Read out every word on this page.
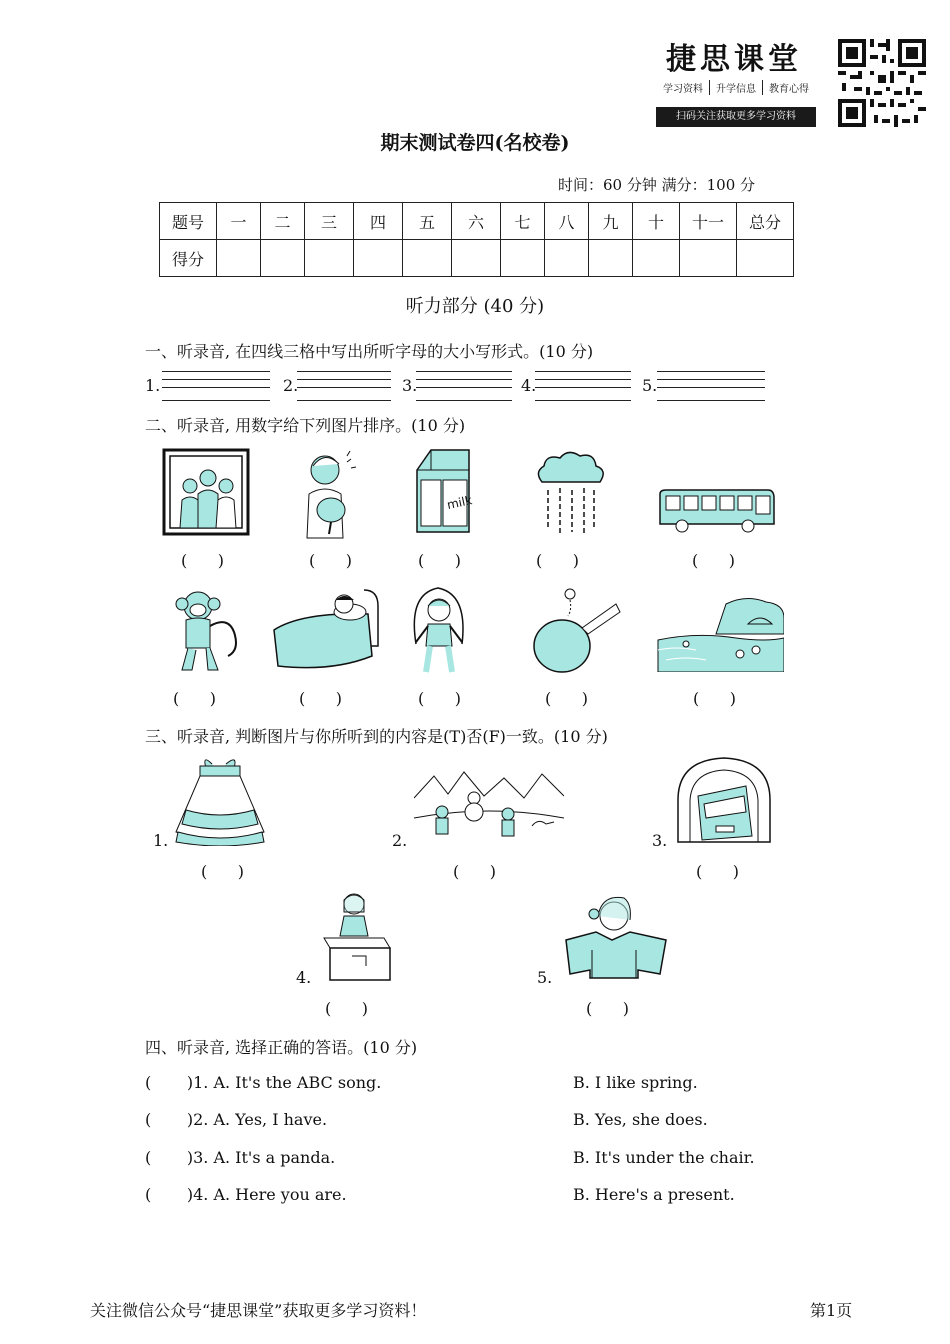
捷思课堂
学习资料	升学信息	教育心得
扫码关注获取更多学习资料
期末测试卷四(名校卷)
时间：60 分钟 满分：100 分
题号	一	二	三	四	五	六	七	八	九	十	十一	总分
得分												
听力部分 (40 分)
一、听录音, 在四线三格中写出所听字母的大小写形式。(10 分)
1.	2.	3.	4.	5.
二、听录音, 用数字给下列图片排序。(10 分)
milk
(      )	(      )	(      )	(      )	(      )
(      )	(      )	(      )	(      )	(      )
三、听录音, 判断图片与你所听到的内容是(T)否(F)一致。(10 分)
1.
(      )
2.
(      )
3.
(      )
4.
(      )
5.
(      )
四、听录音, 选择正确的答语。(10 分)
(       )1. A. It's the ABC song.	B. I like spring.
(       )2. A. Yes, I have.	B. Yes, she does.
(       )3. A. It's a panda.	B. It's under the chair.
(       )4. A. Here you are.	B. Here's a present.
关注微信公众号“捷思课堂”获取更多学习资料！	第1页
